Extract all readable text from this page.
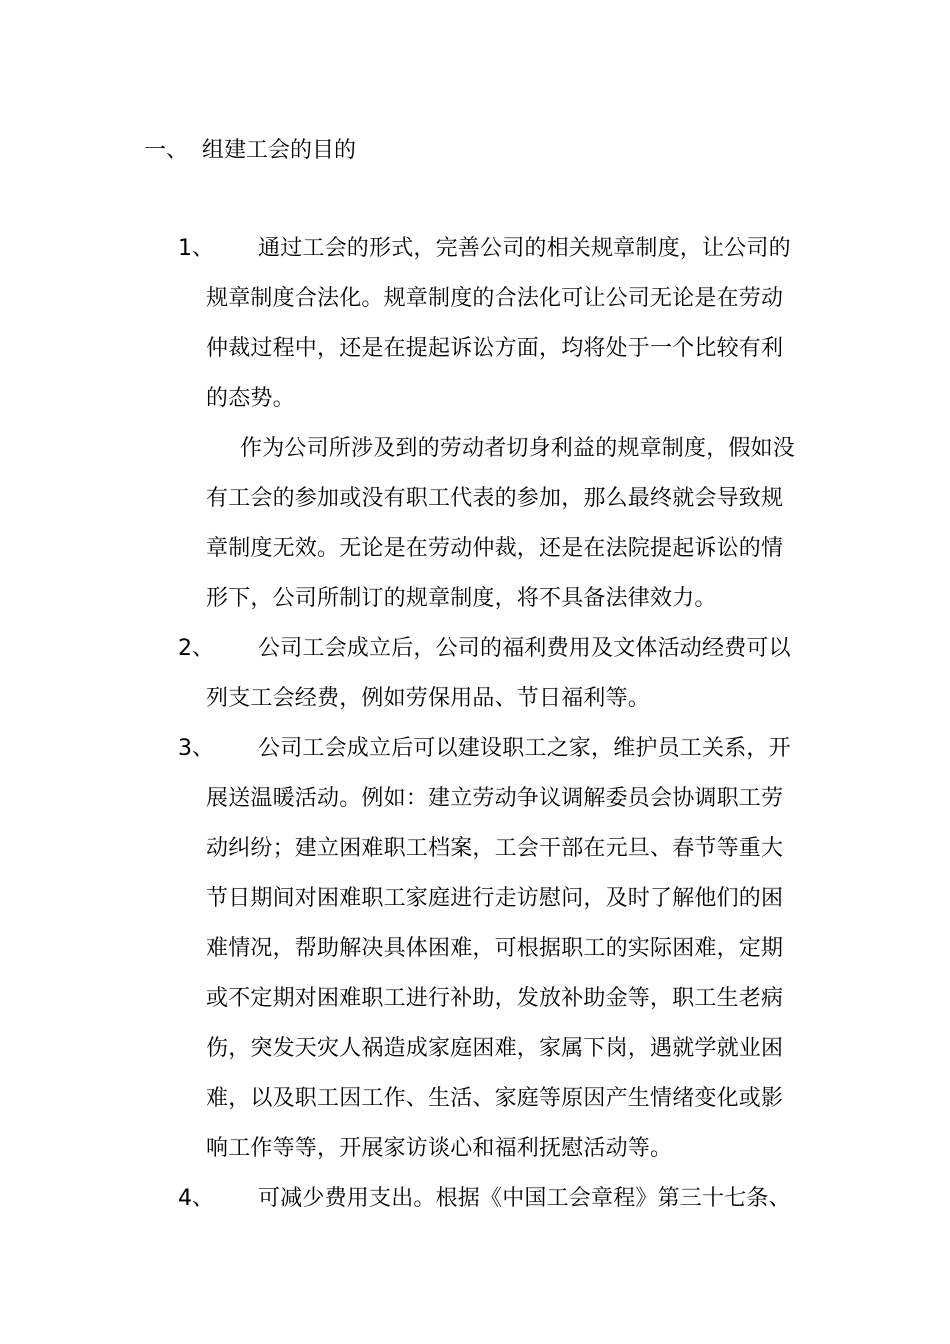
一、 组建工会的目的
1、 通过工会的形式，完善公司的相关规章制度，让公司的
规章制度合法化。规章制度的合法化可让公司无论是在劳动
仲裁过程中，还是在提起诉讼方面，均将处于一个比较有利
的态势。
作为公司所涉及到的劳动者切身利益的规章制度，假如没
有工会的参加或没有职工代表的参加，那么最终就会导致规
章制度无效。无论是在劳动仲裁，还是在法院提起诉讼的情
形下，公司所制订的规章制度，将不具备法律效力。
2、 公司工会成立后，公司的福利费用及文体活动经费可以
列支工会经费，例如劳保用品、节日福利等。
3、 公司工会成立后可以建设职工之家，维护员工关系，开
展送温暖活动。例如：建立劳动争议调解委员会协调职工劳
动纠纷；建立困难职工档案，工会干部在元旦、春节等重大
节日期间对困难职工家庭进行走访慰问，及时了解他们的困
难情况，帮助解决具体困难，可根据职工的实际困难，定期
或不定期对困难职工进行补助，发放补助金等，职工生老病
伤，突发天灾人祸造成家庭困难，家属下岗，遇就学就业困
难，以及职工因工作、生活、家庭等原因产生情绪变化或影
响工作等等，开展家访谈心和福利抚慰活动等。
4、 可减少费用支出。根据《中国工会章程》第三十七条、
